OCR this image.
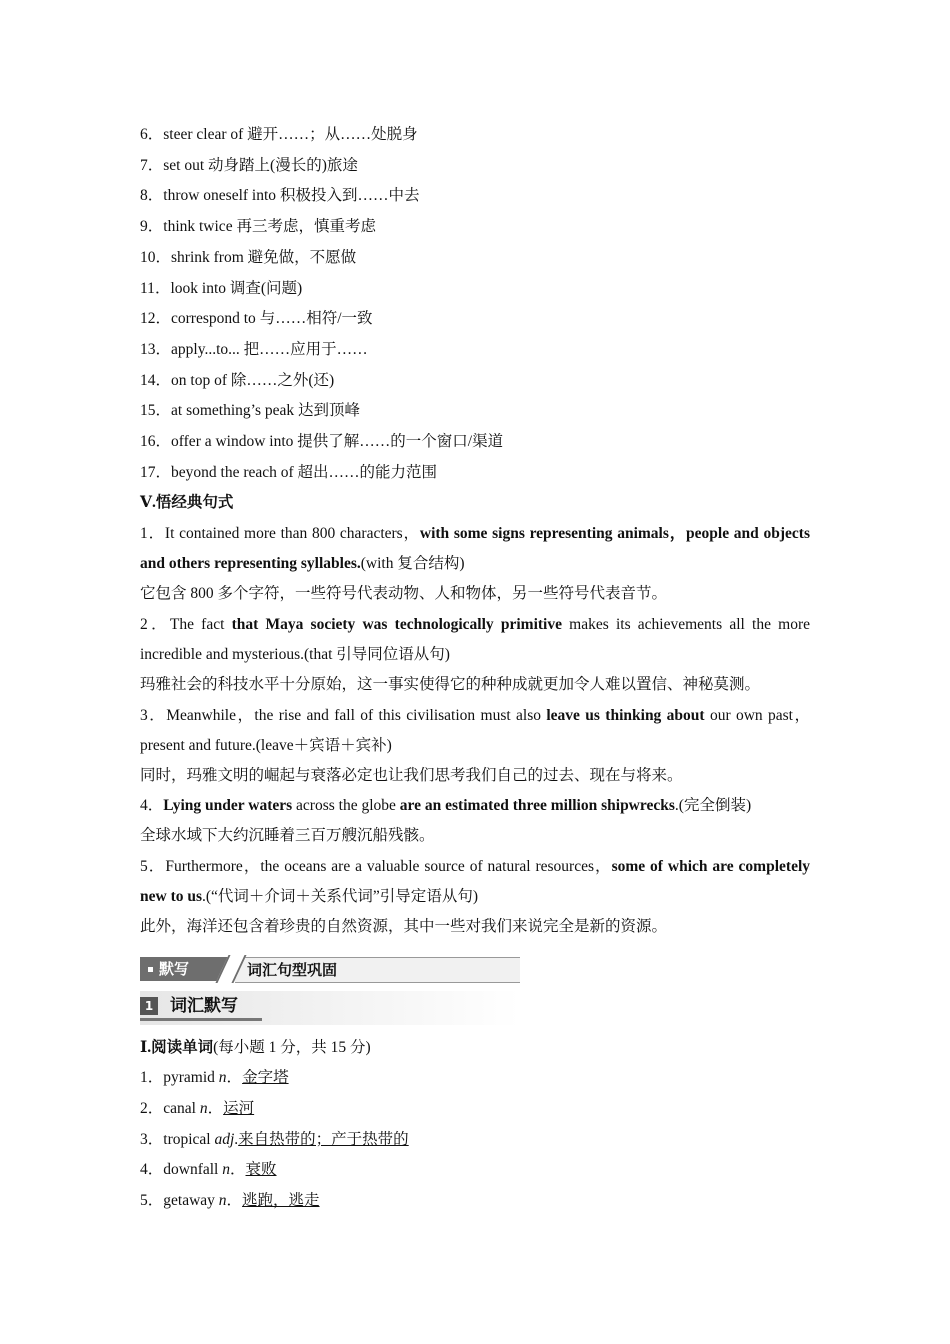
6．steer clear of 避开……；从……处脱身
7．set out 动身踏上(漫长的)旅途
8．throw oneself into 积极投入到……中去
9．think twice 再三考虑，慎重考虑
10．shrink from 避免做，不愿做
11．look into 调查(问题)
12．correspond to 与……相符/一致
13．apply...to... 把……应用于……
14．on top of 除……之外(还)
15．at something’s peak 达到顶峰
16．offer a window into 提供了解……的一个窗口/渠道
17．beyond the reach of 超出……的能力范围
Ⅴ.悟经典句式
1．It contained more than 800 characters，with some signs representing animals，people and objects and others representing syllables.(with 复合结构)
它包含 800 多个字符，一些符号代表动物、人和物体，另一些符号代表音节。
2．The fact that Maya society was technologically primitive makes its achievements all the more incredible and mysterious.(that 引导同位语从句)
玛雅社会的科技水平十分原始，这一事实使得它的种种成就更加令人难以置信、神秘莫测。
3．Meanwhile，the rise and fall of this civilisation must also leave us thinking about our own past，present and future.(leave＋宾语＋宾补)
同时，玛雅文明的崛起与衰落必定也让我们思考我们自己的过去、现在与将来。
4．Lying under waters across the globe are an estimated three million shipwrecks.(完全倒装)
全球水域下大约沉睡着三百万艘沉船残骸。
5．Furthermore，the oceans are a valuable source of natural resources，some of which are completely new to us.(“代词＋介词＋关系代词”引导定语从句)
此外，海洋还包含着珍贵的自然资源，其中一些对我们来说完全是新的资源。
默写	词汇句型巩固
1 词汇默写
Ⅰ.阅读单词(每小题 1 分，共 15 分)
1．pyramid n．金字塔
2．canal n．运河
3．tropical adj.来自热带的；产于热带的
4．downfall n．衰败
5．getaway n．逃跑，逃走
